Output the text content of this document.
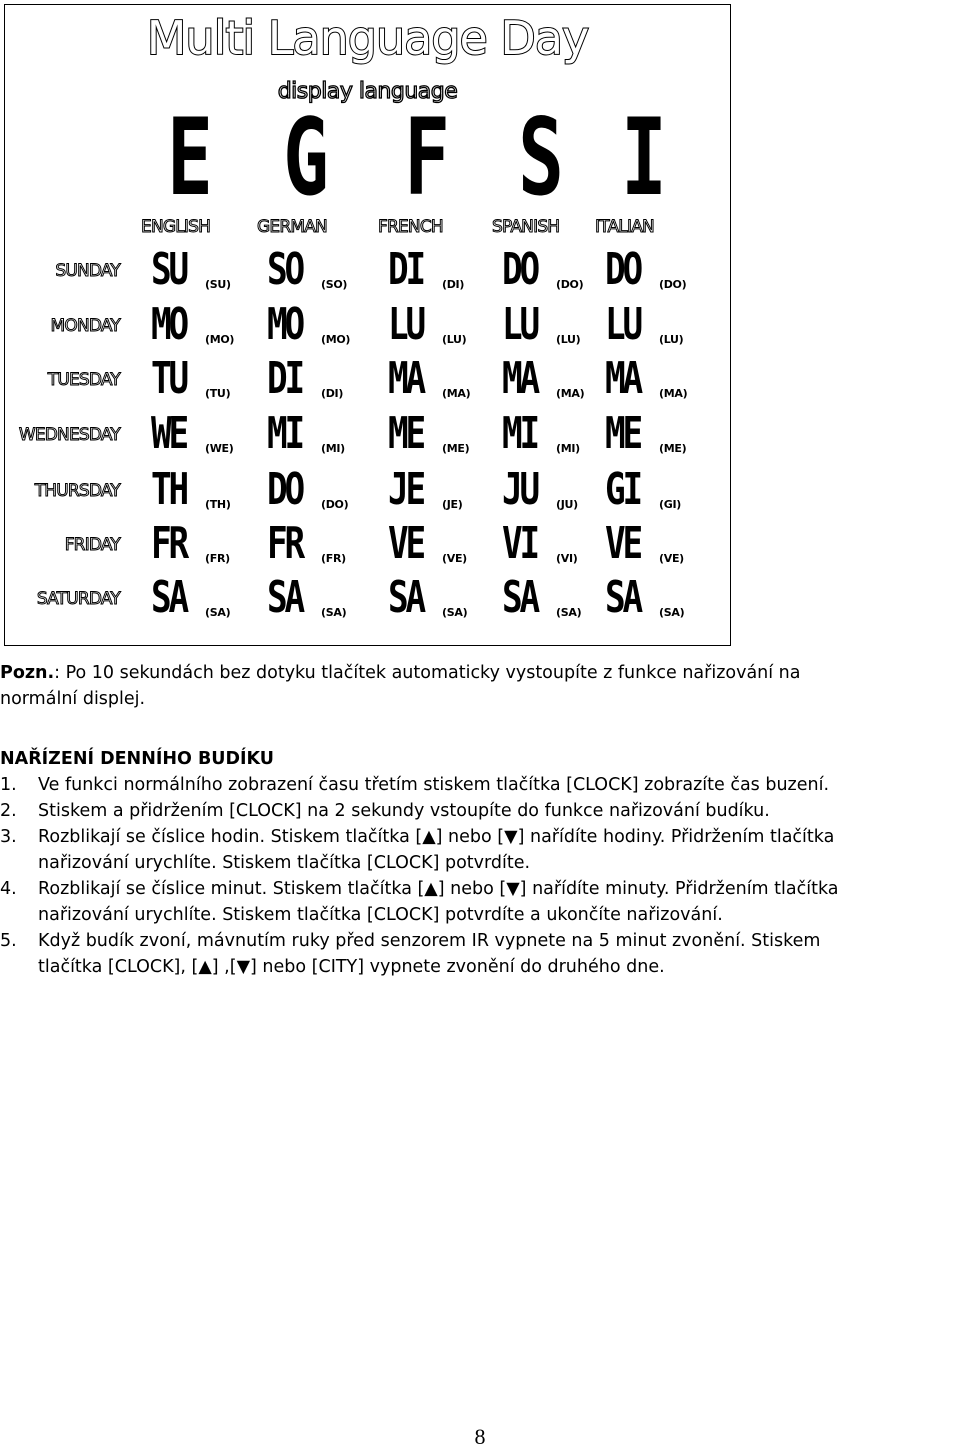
Multi Language Day
display language
E G F S I
ENGLISH	GERMAN	FRENCH	SPANISH ITALIAN
SUNDAY SU (SU) SO (SO) DI (DI) DO (DO) DO (DO)
MONDAY MO (MO) MO (MO) LU (LU) LU (LU) LU (LU)
TUESDAY TU (TU) DI (DI) MA (MA) MA (MA) MA (MA)
WEDNESDAY WE (WE) MI (MI) ME (ME) MI (MI) ME (ME)
THURSDAY TH (TH) DO (DO) JE (JE) JU (JU) GI (GI)
FRIDAY FR (FR) FR (FR) VE (VE) VI (VI) VE (VE)
SATURDAY SA (SA) SA (SA) SA (SA) SA (SA) SA (SA)
Pozn.: Po 10 sekundách bez dotyku tlačítek automaticky vystoupíte z funkce nařizování na
normální displej.
NAŘÍZENÍ DENNÍHO BUDÍKU
1. Ve funkci normálního zobrazení času třetím stiskem tlačítka [CLOCK] zobrazíte čas buzení.
2. Stiskem a přidržením [CLOCK] na 2 sekundy vstoupíte do funkce nařizování budíku.
3. Rozblikají se číslice hodin. Stiskem tlačítka [▲] nebo [▼] nařídíte hodiny. Přidržením tlačítka
nařizování urychlíte. Stiskem tlačítka [CLOCK] potvrdíte.
4. Rozblikají se číslice minut. Stiskem tlačítka [▲] nebo [▼] nařídíte minuty. Přidržením tlačítka
nařizování urychlíte. Stiskem tlačítka [CLOCK] potvrdíte a ukončíte nařizování.
5. Když budík zvoní, mávnutím ruky před senzorem IR vypnete na 5 minut zvonění. Stiskem
tlačítka [CLOCK], [▲] ,[▼] nebo [CITY] vypnete zvonění do druhého dne.
8
